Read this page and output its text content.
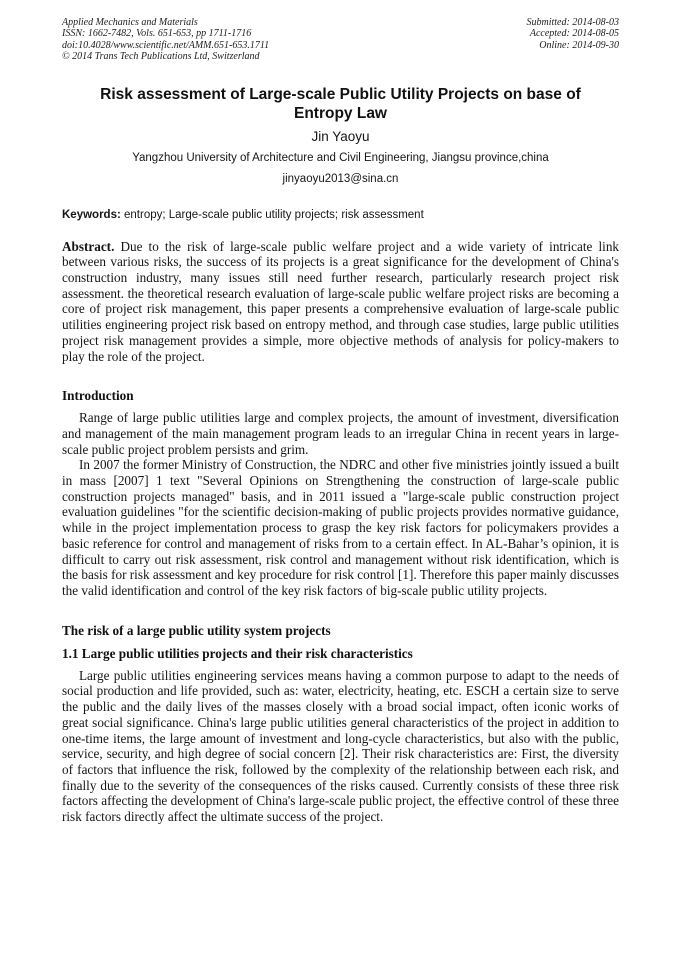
Applied Mechanics and Materials
ISSN: 1662-7482, Vols. 651-653, pp 1711-1716
doi:10.4028/www.scientific.net/AMM.651-653.1711
© 2014 Trans Tech Publications Ltd, Switzerland
Submitted: 2014-08-03
Accepted: 2014-08-05
Online: 2014-09-30
Risk assessment of Large-scale Public Utility Projects on base of Entropy Law
Jin Yaoyu
Yangzhou University of Architecture and Civil Engineering, Jiangsu province,china
jinyaoyu2013@sina.cn

Keywords: entropy; Large-scale public utility projects; risk assessment

Abstract. Due to the risk of large-scale public welfare project and a wide variety of intricate link between various risks, the success of its projects is a great significance for the development of China's construction industry, many issues still need further research, particularly research project risk assessment. the theoretical research evaluation of large-scale public welfare project risks are becoming a core of project risk management, this paper presents a comprehensive evaluation of large-scale public utilities engineering project risk based on entropy method, and through case studies, large public utilities project risk management provides a simple, more objective methods of analysis for policy-makers to play the role of the project.

Introduction

Range of large public utilities large and complex projects, the amount of investment, diversification and management of the main management program leads to an irregular China in recent years in large-scale public project problem persists and grim.

In 2007 the former Ministry of Construction, the NDRC and other five ministries jointly issued a built in mass [2007] 1 text "Several Opinions on Strengthening the construction of large-scale public construction projects managed" basis, and in 2011 issued a "large-scale public construction project evaluation guidelines "for the scientific decision-making of public projects provides normative guidance, while in the project implementation process to grasp the key risk factors for policymakers provides a basic reference for control and management of risks from to a certain effect. In AL-Bahar’s opinion, it is difficult to carry out risk assessment, risk control and management without risk identification, which is the basis for risk assessment and key procedure for risk control [1]. Therefore this paper mainly discusses the valid identification and control of the key risk factors of big-scale public utility projects.

The risk of a large public utility system projects
1.1 Large public utilities projects and their risk characteristics

Large public utilities engineering services means having a common purpose to adapt to the needs of social production and life provided, such as: water, electricity, heating, etc. ESCH a certain size to serve the public and the daily lives of the masses closely with a broad social impact, often iconic works of great social significance. China's large public utilities general characteristics of the project in addition to one-time items, the large amount of investment and long-cycle characteristics, but also with the public, service, security, and high degree of social concern [2]. Their risk characteristics are: First, the diversity of factors that influence the risk, followed by the complexity of the relationship between each risk, and finally due to the severity of the consequences of the risks caused. Currently consists of these three risk factors affecting the development of China's large-scale public project, the effective control of these three risk factors directly affect the ultimate success of the project.
